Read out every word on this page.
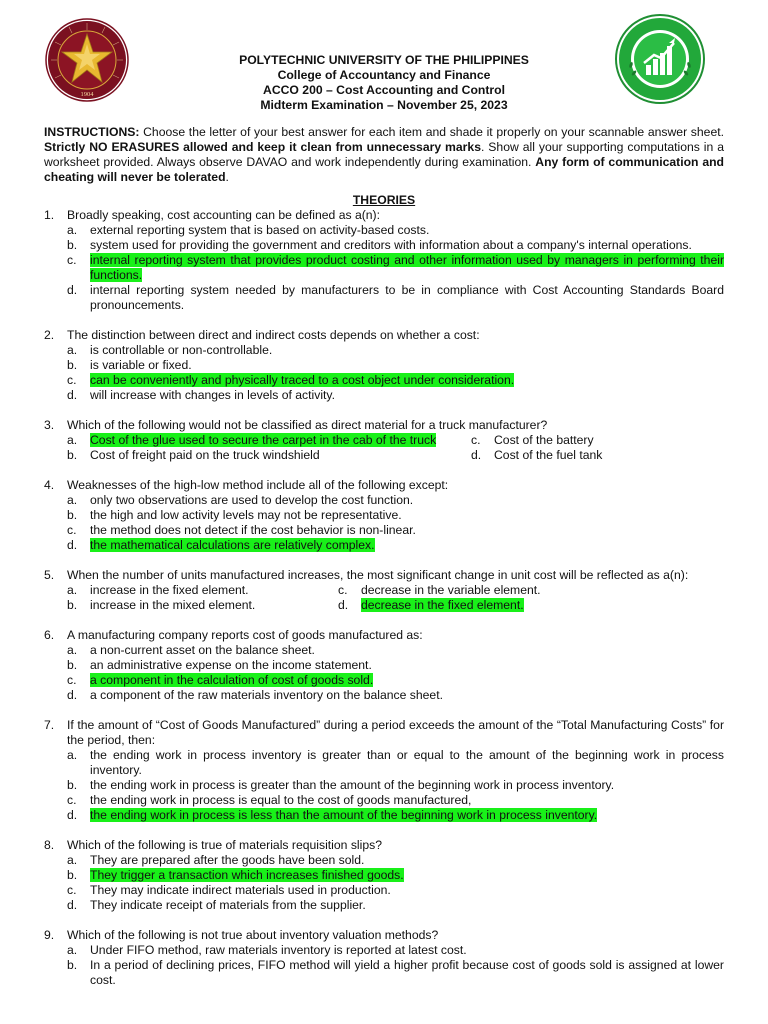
1904
POLYTECHNIC UNIVERSITY OF THE PHILIPPINES
College of Accountancy and Finance
ACCO 200 – Cost Accounting and Control
Midterm Examination – November 25, 2023

INSTRUCTIONS: Choose the letter of your best answer for each item and shade it properly on your scannable answer sheet. Strictly NO ERASURES allowed and keep it clean from unnecessary marks. Show all your supporting computations in a worksheet provided. Always observe DAVAO and work independently during examination. Any form of communication and cheating will never be tolerated.

THEORIES
1.	Broadly speaking, cost accounting can be defined as a(n):
a.	external reporting system that is based on activity-based costs.
b.	system used for providing the government and creditors with information about a company's internal operations.
c.	internal reporting system that provides product costing and other information used by managers in performing their functions.
d.	internal reporting system needed by manufacturers to be in compliance with Cost Accounting Standards Board pronouncements.
2.	The distinction between direct and indirect costs depends on whether a cost:
a.	is controllable or non-controllable.
b.	is variable or fixed.
c.	can be conveniently and physically traced to a cost object under consideration.
d.	will increase with changes in levels of activity.
3.	Which of the following would not be classified as direct material for a truck manufacturer?
a.	Cost of the glue used to secure the carpet in the cab of the truck	c.	Cost of the battery
b.	Cost of freight paid on the truck windshield	d.	Cost of the fuel tank
4.	Weaknesses of the high-low method include all of the following except:
a.	only two observations are used to develop the cost function.
b.	the high and low activity levels may not be representative.
c.	the method does not detect if the cost behavior is non-linear.
d.	the mathematical calculations are relatively complex.
5.	When the number of units manufactured increases, the most significant change in unit cost will be reflected as a(n):
a.	increase in the fixed element.	c.	decrease in the variable element.
b.	increase in the mixed element.	d.	decrease in the fixed element.
6.	A manufacturing company reports cost of goods manufactured as:
a.	a non-current asset on the balance sheet.
b.	an administrative expense on the income statement.
c.	a component in the calculation of cost of goods sold.
d.	a component of the raw materials inventory on the balance sheet.
7.	If the amount of “Cost of Goods Manufactured” during a period exceeds the amount of the “Total Manufacturing Costs” for the period, then:
a.	the ending work in process inventory is greater than or equal to the amount of the beginning work in process inventory.
b.	the ending work in process is greater than the amount of the beginning work in process inventory.
c.	the ending work in process is equal to the cost of goods manufactured,
d.	the ending work in process is less than the amount of the beginning work in process inventory.
8.	Which of the following is true of materials requisition slips?
a.	They are prepared after the goods have been sold.
b.	They trigger a transaction which increases finished goods.
c.	They may indicate indirect materials used in production.
d.	They indicate receipt of materials from the supplier.
9.	Which of the following is not true about inventory valuation methods?
a.	Under FIFO method, raw materials inventory is reported at latest cost.
b.	In a period of declining prices, FIFO method will yield a higher profit because cost of goods sold is assigned at lower cost.
